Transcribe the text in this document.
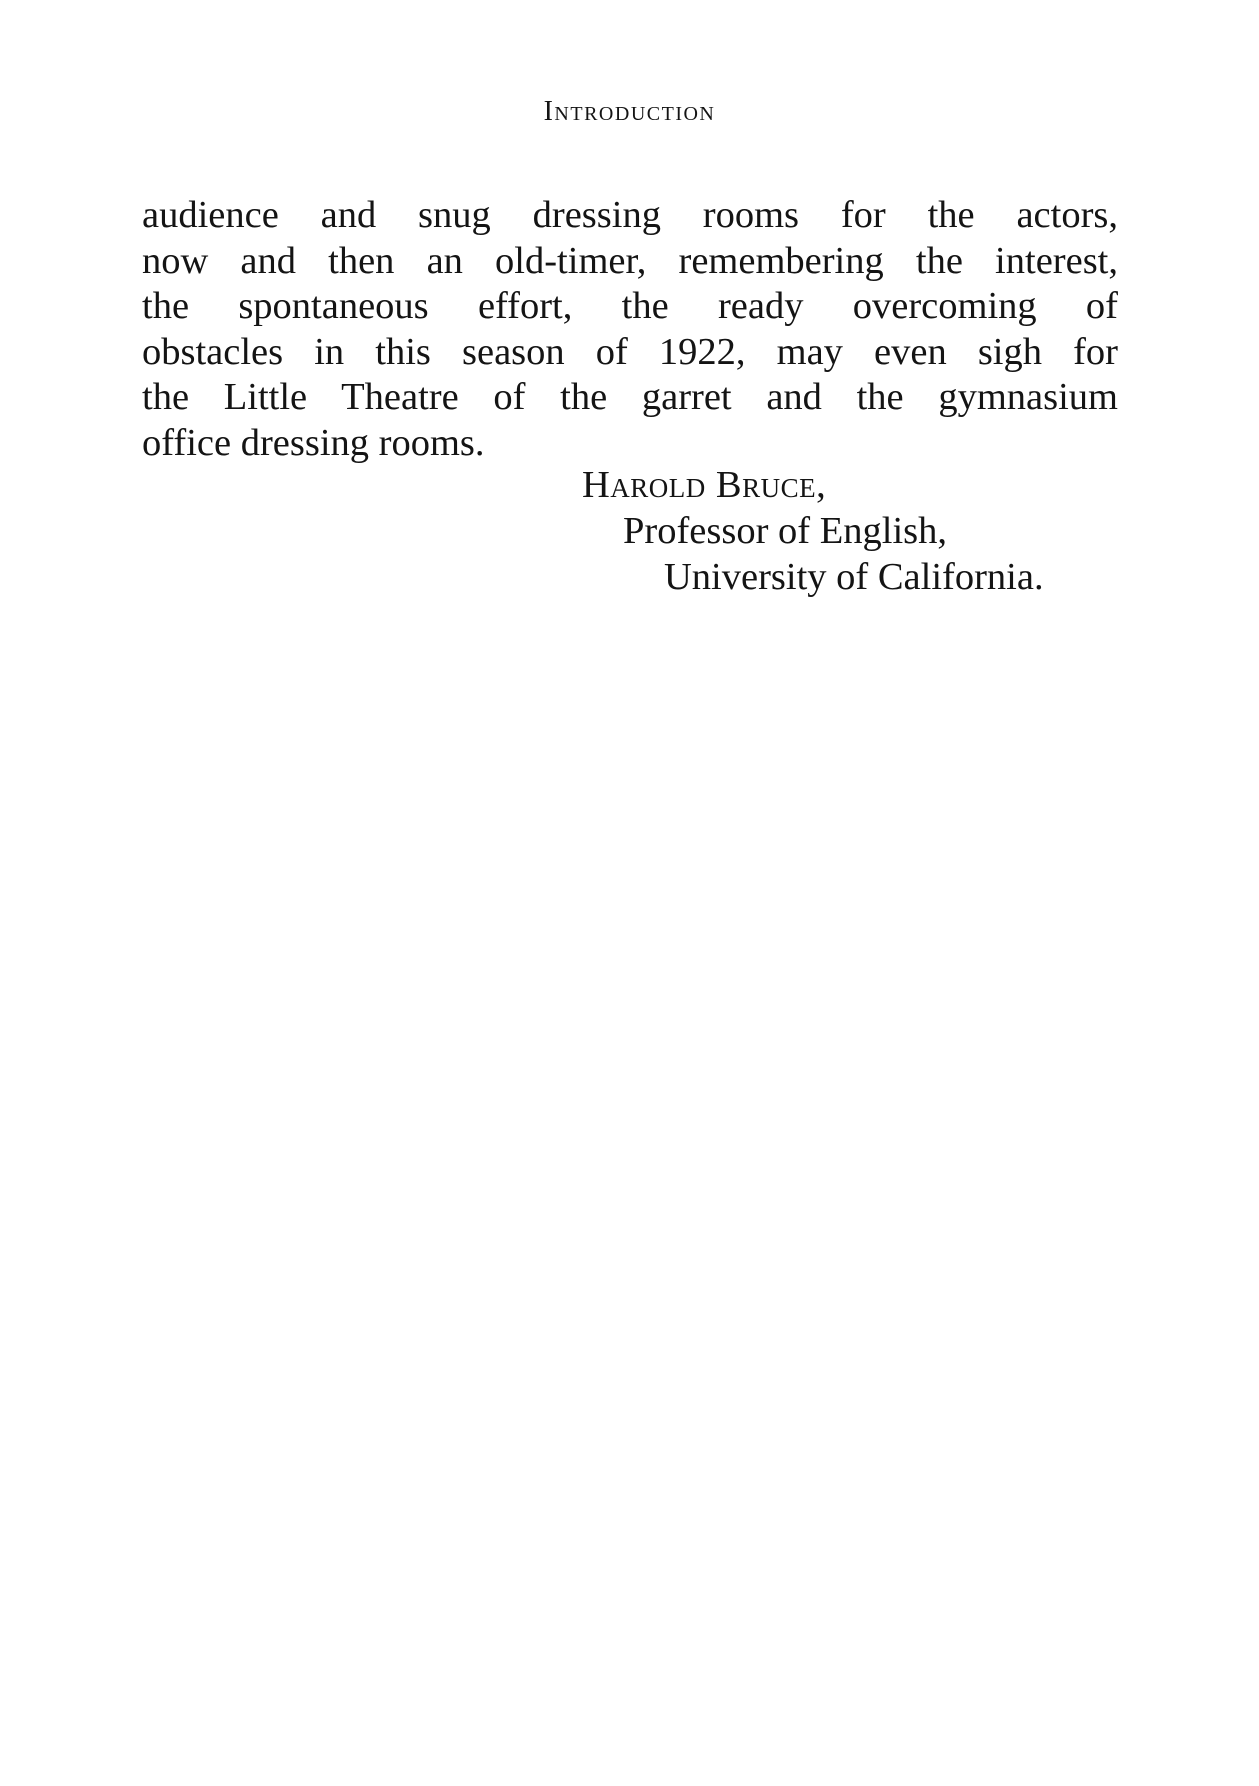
Introduction
audience and snug dressing rooms for the actors,
now and then an old-timer, remembering the interest,
the spontaneous effort, the ready overcoming of
obstacles in this season of 1922, may even sigh for
the Little Theatre of the garret and the gymnasium
office dressing rooms.
Harold Bruce,
Professor of English,
University of California.
